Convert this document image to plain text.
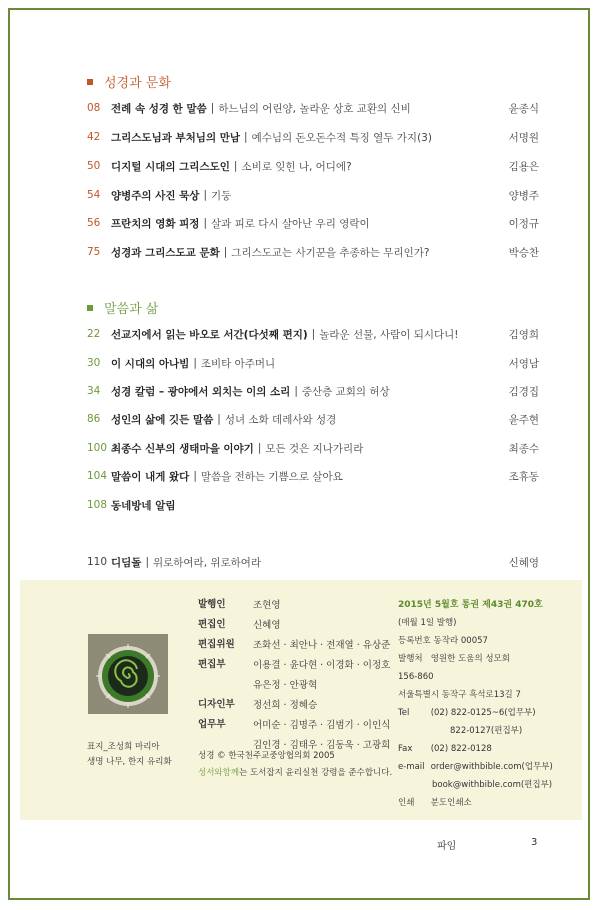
성경과 문화
08	전례 속 성경 한 말씀 | 하느님의 어린양, 놀라운 상호 교환의 신비	윤종식
42	그리스도님과 부처님의 만남 | 예수님의 돈오돈수적 특징 열두 가지(3)	서명원
50	디지털 시대의 그리스도인 | 소비로 잊힌 나, 어디에?	김용은
54	양병주의 사진 묵상 | 기둥	양병주
56	프란치의 영화 피정 | 살과 피로 다시 살아난 우리 영락이	이정규
75	성경과 그리스도교 문화 | 그리스도교는 사기꾼을 추종하는 무리인가?	박승찬
말씀과 삶
22	선교지에서 읽는 바오로 서간(다섯째 편지) | 놀라운 선물, 사람이 되시다니!	김영희
30	이 시대의 아나빔 | 조비타 아주머니	서영남
34	성경 칼럼 – 광야에서 외치는 이의 소리 | 중산층 교회의 허상	김경집
86	성인의 삶에 깃든 말씀 | 성녀 소화 데레사와 성경	윤주현
100 최종수 신부의 생태마을 이야기 | 모든 것은 지나가리라	최종수
104 말씀이 내게 왔다 | 말씀을 전하는 기쁨으로 살아요	조휴동
108 동네방네 알림
110 디딤돌 | 위로하여라, 위로하여라	신혜영
표지_조성희 마리아
생명 나무, 한지 유리화
발행인	조현영
편집인	신혜영
편집위원	조화선 · 최안나 · 전재열 · 유상준
편집부	이용결 · 윤다현 · 이경화 · 이정호
유은정 · 안광혁
디자인부	정선희 · 정혜승
업무부	어미순 · 김명주 · 김범기 · 이인식
김인경 · 김태우 · 김동욱 · 고광희
성경 © 한국천주교중앙협의회 2005
성서와함께는 도서잡지 윤리실천 강령을 준수합니다.
2015년 5월호 통권 제43권 470호
(매월 1일 발행)
등록번호 동작라 00057
발행처 영원한 도움의 성모회
156-860
서울특별시 동작구 흑석로13길 7
Tel	(02) 822-0125~6(업무부)
822-0127(편집부)
Fax (02) 822-0128
e-mail order@withbible.com(업무부)
book@withbible.com(편집부)
인쇄 분도인쇄소
파임	3
